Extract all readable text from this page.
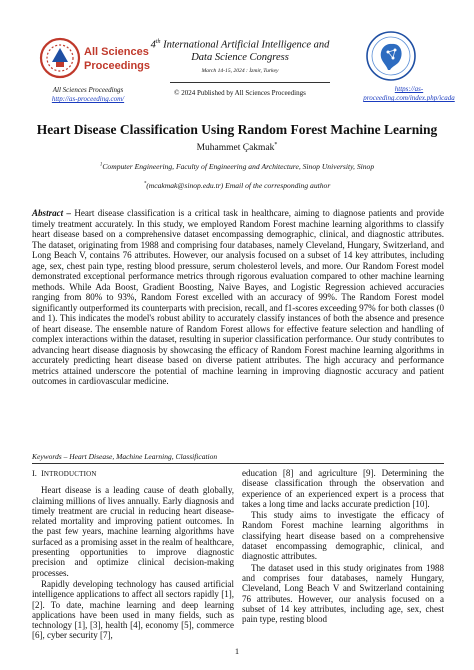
All Sciences
Proceedings
All Sciences Proceedings
http://as-proceeding.com/
4th International Artificial Intelligence and Data Science Congress
March 14-15, 2024 : İzmir, Turkey
© 2024 Published by All Sciences Proceedings	https://as-
proceeding.com/index.php/icada
Heart Disease Classification Using Random Forest Machine Learning
Muhammet Çakmak*
$^1$Computer Engineering, Faculty of Engineering and Architecture, Sinop University, Sinop
*(mcakmak@sinop.edu.tr) Email of the corresponding author
Abstract – Heart disease classification is a critical task in healthcare, aiming to diagnose patients and provide timely treatment accurately. In this study, we employed Random Forest machine learning algorithms to classify heart disease based on a comprehensive dataset encompassing demographic, clinical, and diagnostic attributes. The dataset, originating from 1988 and comprising four databases, namely Cleveland, Hungary, Switzerland, and Long Beach V, contains 76 attributes. However, our analysis focused on a subset of 14 key attributes, including age, sex, chest pain type, resting blood pressure, serum cholesterol levels, and more. Our Random Forest model demonstrated exceptional performance metrics through rigorous evaluation compared to other machine learning methods. While Ada Boost, Gradient Boosting, Naive Bayes, and Logistic Regression achieved accuracies ranging from 80% to 93%, Random Forest excelled with an accuracy of 99%. The Random Forest model significantly outperformed its counterparts with precision, recall, and f1-scores exceeding 97% for both classes (0 and 1). This indicates the model's robust ability to accurately classify instances of both the absence and presence of heart disease. The ensemble nature of Random Forest allows for effective feature selection and handling of complex interactions within the dataset, resulting in superior classification performance. Our study contributes to advancing heart disease diagnosis by showcasing the efficacy of Random Forest machine learning algorithms in accurately predicting heart disease based on diverse patient attributes. The high accuracy and performance metrics attained underscore the potential of machine learning in improving diagnostic accuracy and patient outcomes in cardiovascular medicine.
Keywords – Heart Disease, Machine Learning, Classification
I. INTRODUCTION

Heart disease is a leading cause of death globally, claiming millions of lives annually. Early diagnosis and timely treatment are crucial in reducing heart disease-related mortality and improving patient outcomes. In the past few years, machine learning algorithms have surfaced as a promising asset in the realm of healthcare, presenting opportunities to improve diagnostic precision and optimize clinical decision-making processes.

Rapidly developing technology has caused artificial intelligence applications to affect all sectors rapidly [1], [2]. To date, machine learning and deep learning applications have been used in many fields, such as technology [1], [3], health [4], economy [5], commerce [6], cyber security [7],

education [8] and agriculture [9]. Determining the disease classification through the observation and experience of an experienced expert is a process that takes a long time and lacks accurate prediction [10].

This study aims to investigate the efficacy of Random Forest machine learning algorithms in classifying heart disease based on a comprehensive dataset encompassing demographic, clinical, and diagnostic attributes.

The dataset used in this study originates from 1988 and comprises four databases, namely Hungary, Cleveland, Long Beach V and Switzerland containing 76 attributes. However, our analysis focused on a subset of 14 key attributes, including age, sex, chest pain type, resting blood

1
